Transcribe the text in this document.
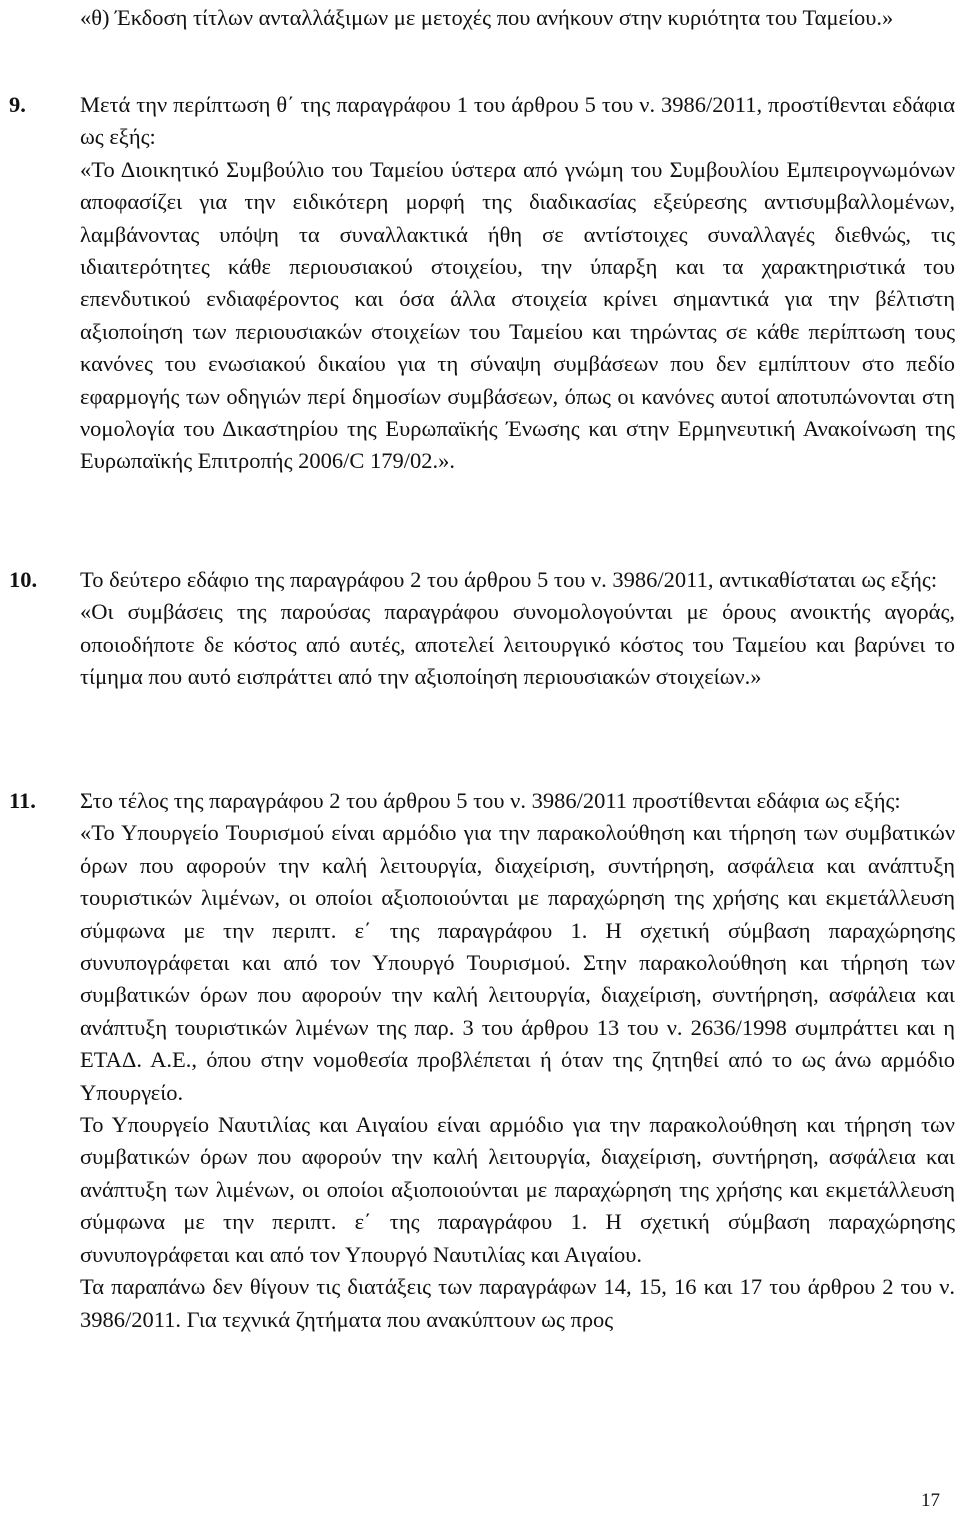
«θ) Έκδοση τίτλων ανταλλάξιμων με μετοχές που ανήκουν στην κυριότητα του Ταμείου.»

9. Μετά την περίπτωση θ΄ της παραγράφου 1 του άρθρου 5 του ν. 3986/2011, προστίθενται εδάφια ως εξής:

«Το Διοικητικό Συμβούλιο του Ταμείου ύστερα από γνώμη του Συμβουλίου Εμπειρογνωμόνων αποφασίζει για την ειδικότερη μορφή της διαδικασίας εξεύρεσης αντισυμβαλλομένων, λαμβάνοντας υπόψη τα συναλλακτικά ήθη σε αντίστοιχες συναλλαγές διεθνώς, τις ιδιαιτερότητες κάθε περιουσιακού στοιχείου, την ύπαρξη και τα χαρακτηριστικά του επενδυτικού ενδιαφέροντος και όσα άλλα στοιχεία κρίνει σημαντικά για την βέλτιστη αξιοποίηση των περιουσιακών στοιχείων του Ταμείου και τηρώντας σε κάθε περίπτωση τους κανόνες του ενωσιακού δικαίου για τη σύναψη συμβάσεων που δεν εμπίπτουν στο πεδίο εφαρμογής των οδηγιών περί δημοσίων συμβάσεων, όπως οι κανόνες αυτοί αποτυπώνονται στη νομολογία του Δικαστηρίου της Ευρωπαϊκής Ένωσης και στην Ερμηνευτική Ανακοίνωση της Ευρωπαϊκής Επιτροπής 2006/C 179/02.».

10. Το δεύτερο εδάφιο της παραγράφου 2 του άρθρου 5 του ν. 3986/2011, αντικαθίσταται ως εξής:

«Οι συμβάσεις της παρούσας παραγράφου συνομολογούνται με όρους ανοικτής αγοράς, οποιοδήποτε δε κόστος από αυτές, αποτελεί λειτουργικό κόστος του Ταμείου και βαρύνει το τίμημα που αυτό εισπράττει από την αξιοποίηση περιουσιακών στοιχείων.»

11. Στο τέλος της παραγράφου 2 του άρθρου 5 του ν. 3986/2011 προστίθενται εδάφια ως εξής:

«Το Υπουργείο Τουρισμού είναι αρμόδιο για την παρακολούθηση και τήρηση των συμβατικών όρων που αφορούν την καλή λειτουργία, διαχείριση, συντήρηση, ασφάλεια και ανάπτυξη τουριστικών λιμένων, οι οποίοι αξιοποιούνται με παραχώρηση της χρήσης και εκμετάλλευση σύμφωνα με την περιπτ. ε΄ της παραγράφου 1. Η σχετική σύμβαση παραχώρησης συνυπογράφεται και από τον Υπουργό Τουρισμού. Στην παρακολούθηση και τήρηση των συμβατικών όρων που αφορούν την καλή λειτουργία, διαχείριση, συντήρηση, ασφάλεια και ανάπτυξη τουριστικών λιμένων της παρ. 3 του άρθρου 13 του ν. 2636/1998 συμπράττει και η ΕΤΑΔ. Α.Ε., όπου στην νομοθεσία προβλέπεται ή όταν της ζητηθεί από το ως άνω αρμόδιο Υπουργείο.

Το Υπουργείο Ναυτιλίας και Αιγαίου είναι αρμόδιο για την παρακολούθηση και τήρηση των συμβατικών όρων που αφορούν την καλή λειτουργία, διαχείριση, συντήρηση, ασφάλεια και ανάπτυξη των λιμένων, οι οποίοι αξιοποιούνται με παραχώρηση της χρήσης και εκμετάλλευση σύμφωνα με την περιπτ. ε΄ της παραγράφου 1. Η σχετική σύμβαση παραχώρησης συνυπογράφεται και από τον Υπουργό Ναυτιλίας και Αιγαίου.

Τα παραπάνω δεν θίγουν τις διατάξεις των παραγράφων 14, 15, 16 και 17 του άρθρου 2 του ν. 3986/2011. Για τεχνικά ζητήματα που ανακύπτουν ως προς

17
